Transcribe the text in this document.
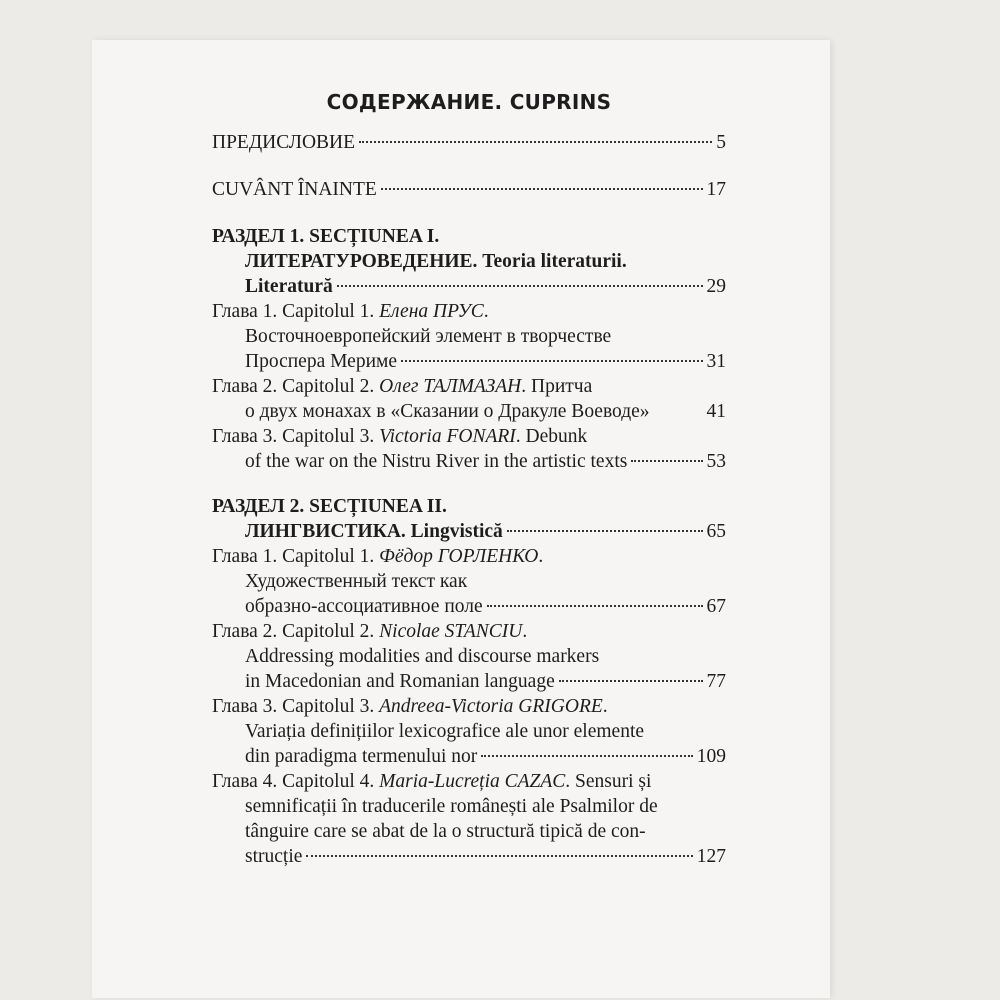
СОДЕРЖАНИЕ. CUPRINS
ПРЕДИСЛОВИЕ	5
CUVÂNT ÎNAINTE	17
РАЗДЕЛ 1. SECȚIUNEA I.
ЛИТЕРАТУРОВЕДЕНИЕ. Teoria literaturii.
Literatură	29
Глава 1. Capitolul 1. Елена ПРУС.
Восточноевропейский элемент в творчестве
Проспера Мериме	31
Глава 2. Capitolul 2. Олег ТАЛМАЗАН. Притча
о двух монахах в «Сказании о Дракуле Воеводе»	41
Глава 3. Capitolul 3. Victoria FONARI. Debunk
of the war on the Nistru River in the artistic texts	53
РАЗДЕЛ 2. SECȚIUNEA II.
ЛИНГВИСТИКА. Lingvistică	65
Глава 1. Capitolul 1. Фёдор ГОРЛЕНКО.
Художественный текст как
образно-ассоциативное поле	67
Глава 2. Capitolul 2. Nicolae STANCIU.
Addressing modalities and discourse markers
in Macedonian and Romanian language	77
Глава 3. Capitolul 3. Andreea-Victoria GRIGORE.
Variația definițiilor lexicografice ale unor elemente
din paradigma termenului nor	109
Глава 4. Capitolul 4. Maria-Lucreția CAZAC. Sensuri și
semnificații în traducerile românești ale Psalmilor de
tânguire care se abat de la o structură tipică de con-
strucție	127
